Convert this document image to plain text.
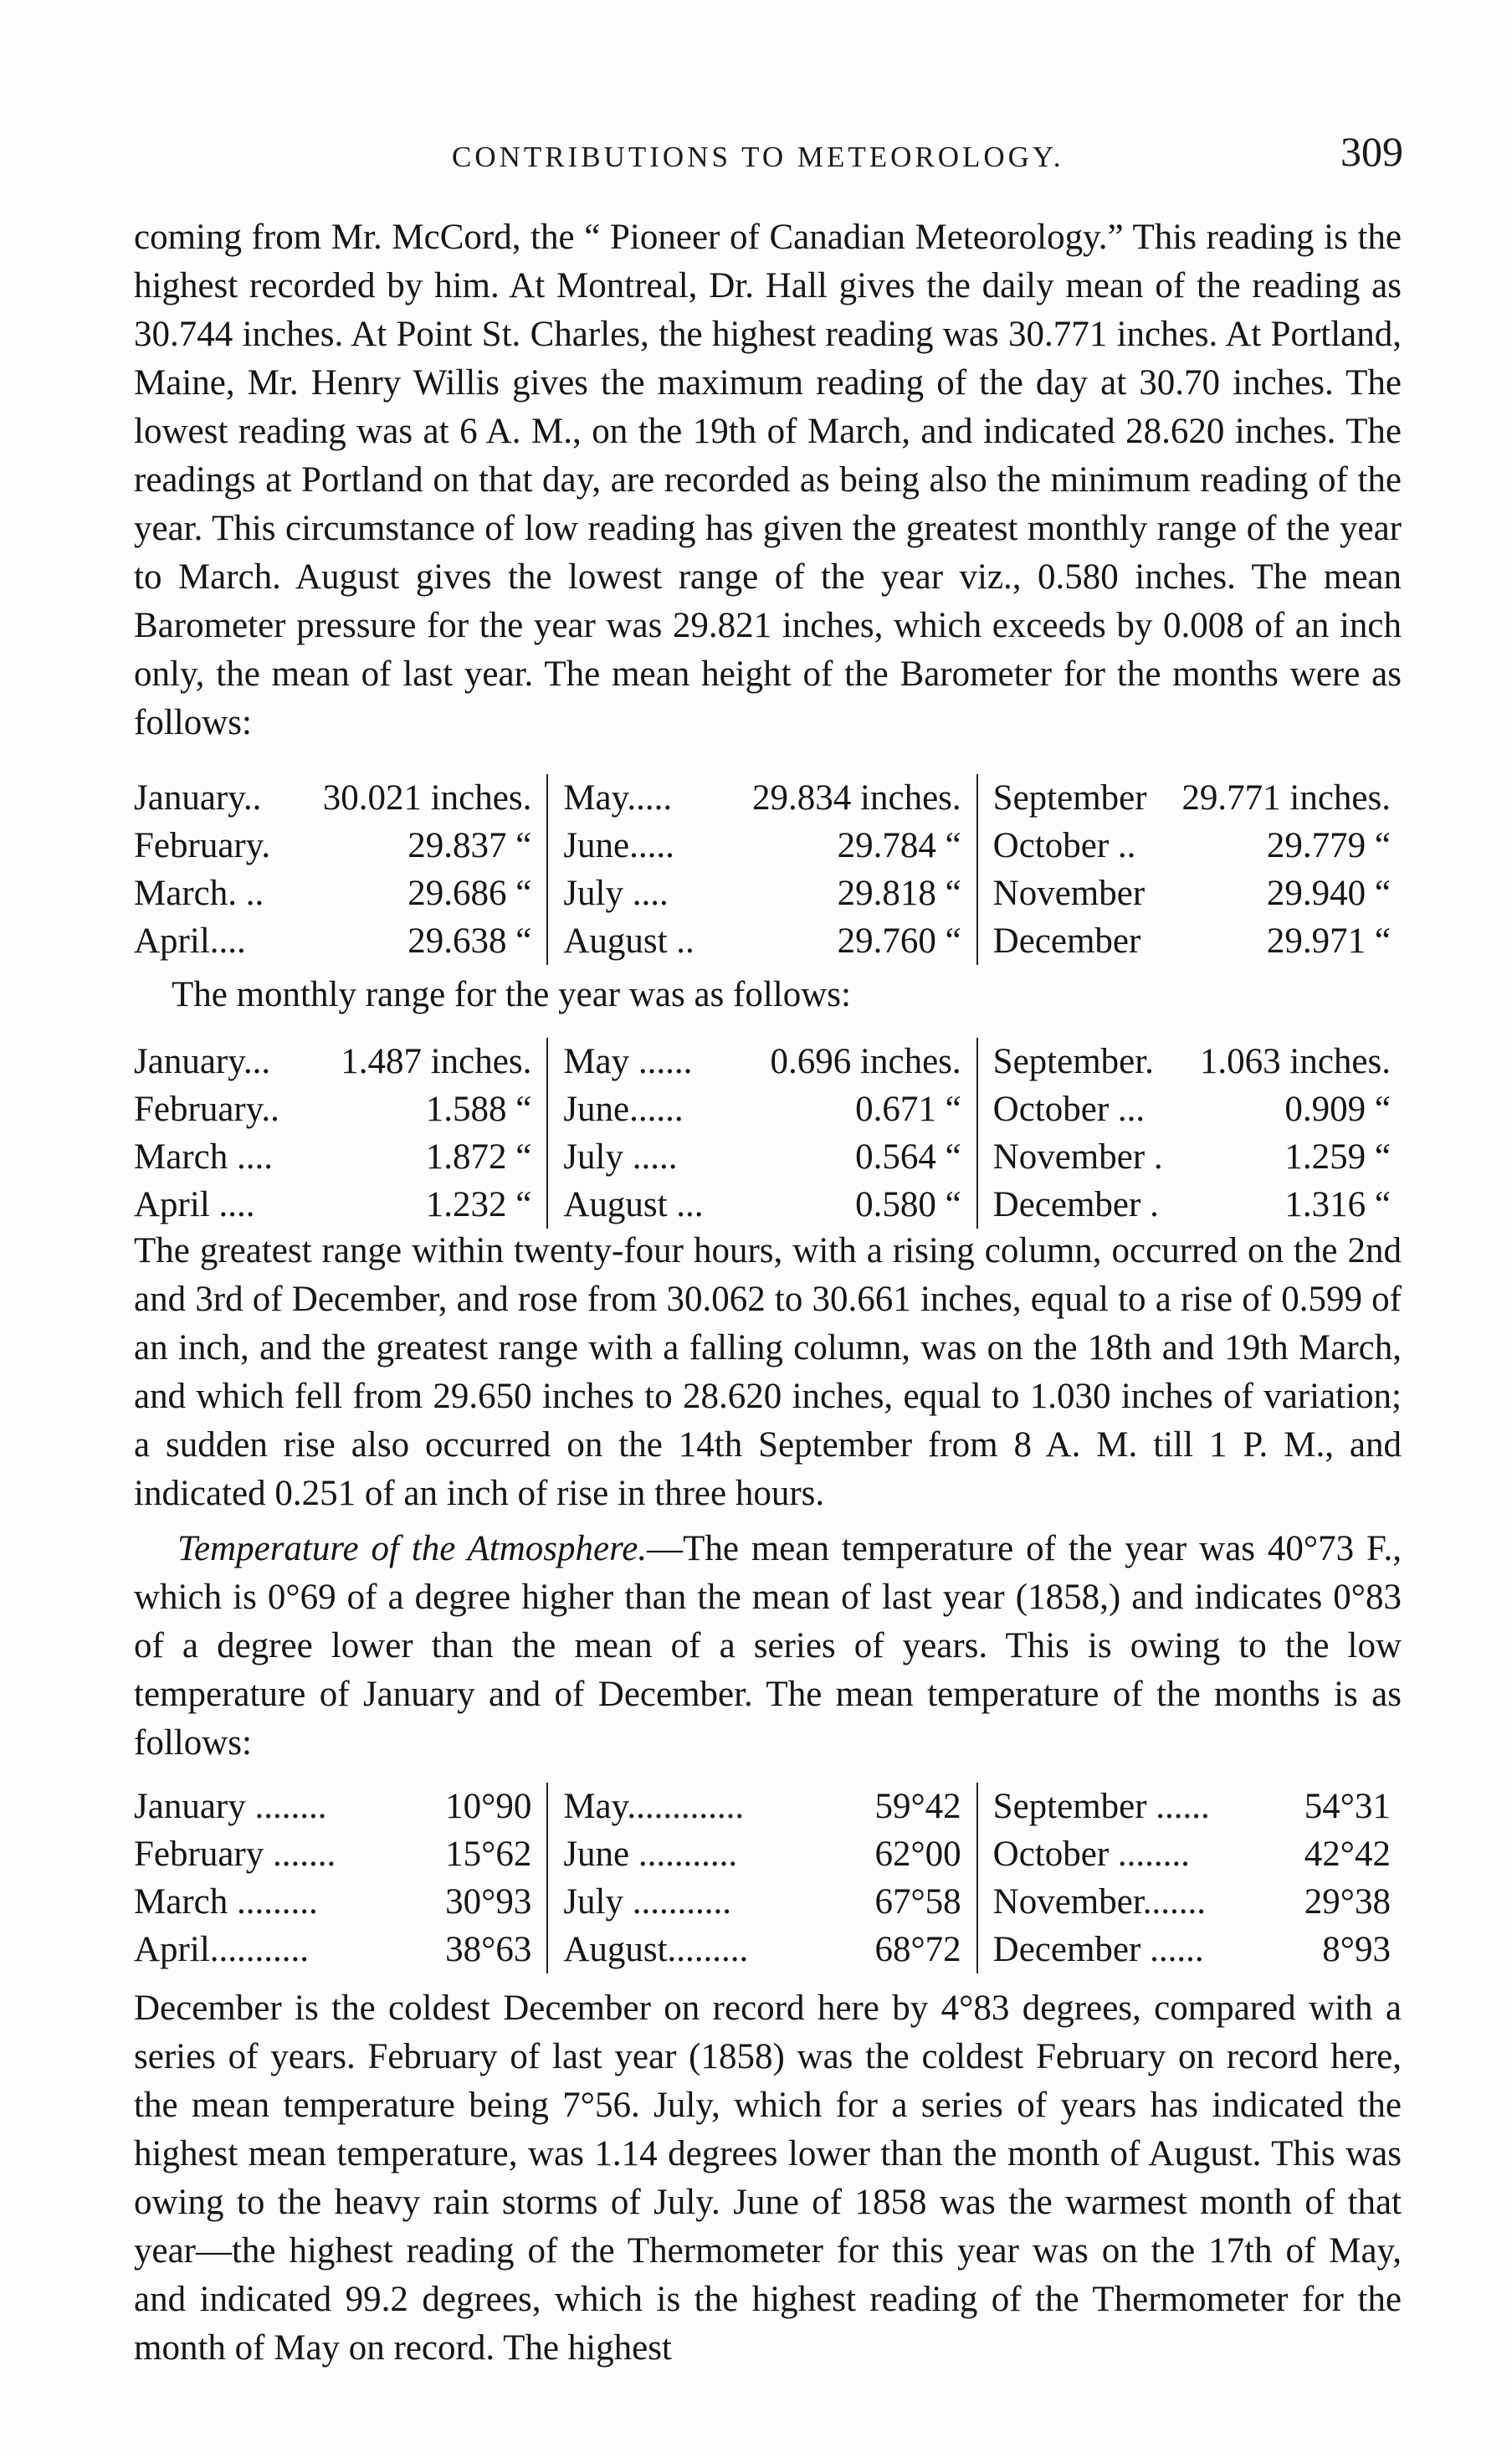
CONTRIBUTIONS TO METEOROLOGY.	309

coming from Mr. McCord, the “ Pioneer of Canadian Meteorology.” This reading is the highest recorded by him. At Montreal, Dr. Hall gives the daily mean of the reading as 30.744 inches. At Point St. Charles, the highest reading was 30.771 inches. At Portland, Maine, Mr. Henry Willis gives the maximum reading of the day at 30.70 inches. The lowest reading was at 6 A. M., on the 19th of March, and indicated 28.620 inches. The readings at Portland on that day, are recorded as being also the minimum reading of the year. This circumstance of low reading has given the greatest monthly range of the year to March. August gives the lowest range of the year viz., 0.580 inches. The mean Barometer pressure for the year was 29.821 inches, which exceeds by 0.008 of an inch only, the mean of last year. The mean height of the Barometer for the months were as follows:

January..	30.021 inches.
February.	29.837 “
March. ..	29.686 “
April....	29.638 “
May.....	29.834 inches.
June.....	29.784 “
July ....	29.818 “
August ..	29.760 “
September 29.771 inches.
October ..	29.779 “
November	29.940 “
December	29.971 “
The monthly range for the year was as follows:
January...	1.487 inches.
February..	1.588 “
March ....	1.872 “
April ....	1.232 “
May ......	0.696 inches.
June......	0.671 “
July .....	0.564 “
August ...	0.580 “
September.	1.063 inches.
October ...	0.909 “
November .	1.259 “
December .	1.316 “

The greatest range within twenty-four hours, with a rising column, occurred on the 2nd and 3rd of December, and rose from 30.062 to 30.661 inches, equal to a rise of 0.599 of an inch, and the greatest range with a falling column, was on the 18th and 19th March, and which fell from 29.650 inches to 28.620 inches, equal to 1.030 inches of variation; a sudden rise also occurred on the 14th September from 8 A. M. till 1 P. M., and indicated 0.251 of an inch of rise in three hours.

Temperature of the Atmosphere.—The mean temperature of the year was 40°73 F., which is 0°69 of a degree higher than the mean of last year (1858,) and indicates 0°83 of a degree lower than the mean of a series of years. This is owing to the low temperature of January and of December. The mean temperature of the months is as follows:

January ........	10°90
February .......	15°62
March .........	30°93
April...........	38°63
May.............	59°42
June ...........	62°00
July ...........	67°58
August.........	68°72
September ......	54°31
October ........	42°42
November.......	29°38
December ......	8°93

December is the coldest December on record here by 4°83 degrees, compared with a series of years. February of last year (1858) was the coldest February on record here, the mean temperature being 7°56. July, which for a series of years has indicated the highest mean temperature, was 1.14 degrees lower than the month of August. This was owing to the heavy rain storms of July. June of 1858 was the warmest month of that year—the highest reading of the Thermometer for this year was on the 17th of May, and indicated 99.2 degrees, which is the highest reading of the Thermometer for the month of May on record. The highest
